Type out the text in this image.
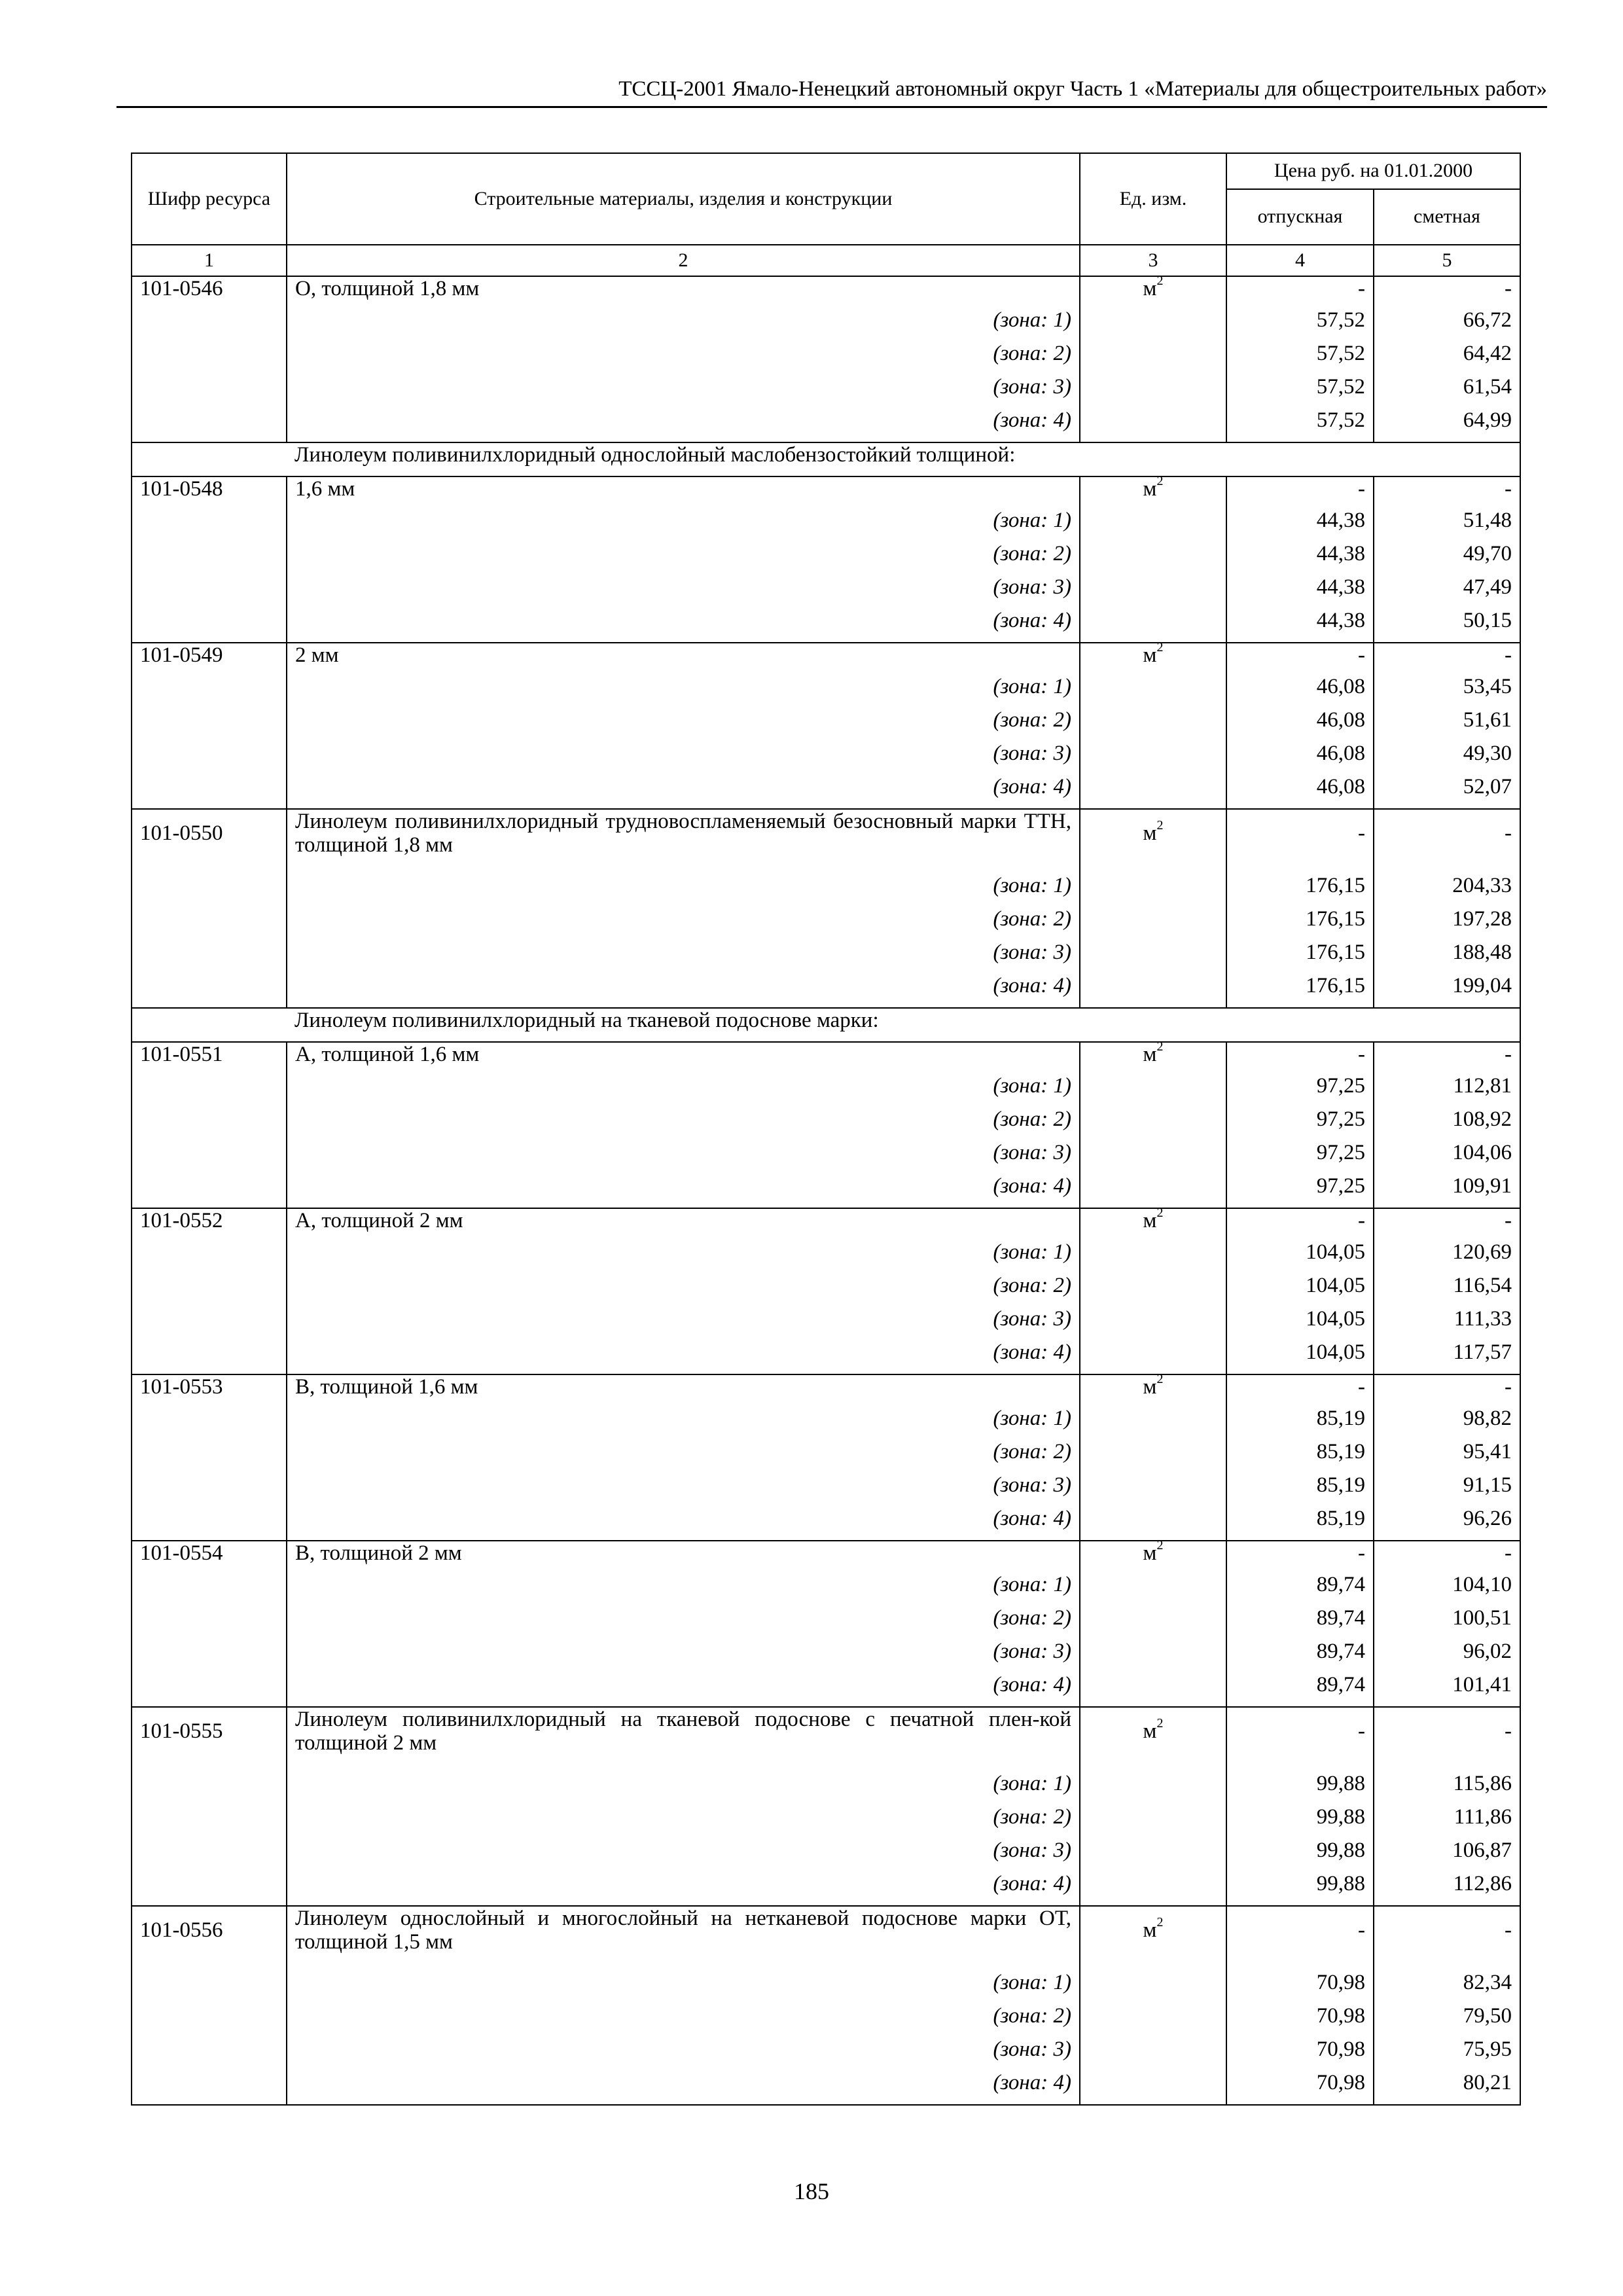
ТССЦ-2001 Ямало-Ненецкий автономный округ Часть 1 «Материалы для общестроительных работ»
Шифр ресурса	Строительные материалы, изделия и конструкции	Ед. изм.	Цена руб. на 01.01.2000	
			отпускная	сметная
1	2	3	4	5
101-0546	О, толщиной 1,8 мм	$м^2$	-	-
	(зона: 1)		57,52	66,72
	(зона: 2)		57,52	64,42
	(зона: 3)		57,52	61,54
	(зона: 4)		57,52	64,99
	Линолеум поливинилхлоридный однослойный маслобензостойкий толщиной:			
101-0548	1,6 мм	$м^2$	-	-
	(зона: 1)		44,38	51,48
	(зона: 2)		44,38	49,70
	(зона: 3)		44,38	47,49
	(зона: 4)		44,38	50,15
101-0549	2 мм	$м^2$	-	-
	(зона: 1)		46,08	53,45
	(зона: 2)		46,08	51,61
	(зона: 3)		46,08	49,30
	(зона: 4)		46,08	52,07
101-0550	Линолеум поливинилхлоридный трудновоспламеняемый безосновный марки ТТН, толщиной 1,8 мм	$м^2$	-	-
	(зона: 1)		176,15	204,33
	(зона: 2)		176,15	197,28
	(зона: 3)		176,15	188,48
	(зона: 4)		176,15	199,04
	Линолеум поливинилхлоридный на тканевой подоснове марки:			
101-0551	А, толщиной 1,6 мм	$м^2$	-	-
	(зона: 1)		97,25	112,81
	(зона: 2)		97,25	108,92
	(зона: 3)		97,25	104,06
	(зона: 4)		97,25	109,91
101-0552	А, толщиной 2 мм	$м^2$	-	-
	(зона: 1)		104,05	120,69
	(зона: 2)		104,05	116,54
	(зона: 3)		104,05	111,33
	(зона: 4)		104,05	117,57
101-0553	В, толщиной 1,6 мм	$м^2$	-	-
	(зона: 1)		85,19	98,82
	(зона: 2)		85,19	95,41
	(зона: 3)		85,19	91,15
	(зона: 4)		85,19	96,26
101-0554	В, толщиной 2 мм	$м^2$	-	-
	(зона: 1)		89,74	104,10
	(зона: 2)		89,74	100,51
	(зона: 3)		89,74	96,02
	(зона: 4)		89,74	101,41
101-0555	Линолеум поливинилхлоридный на тканевой подоснове с печатной плен-кой толщиной 2 мм	$м^2$	-	-
	(зона: 1)		99,88	115,86
	(зона: 2)		99,88	111,86
	(зона: 3)		99,88	106,87
	(зона: 4)		99,88	112,86
101-0556	Линолеум однослойный и многослойный на нетканевой подоснове марки ОТ, толщиной 1,5 мм	$м^2$	-	-
	(зона: 1)		70,98	82,34
	(зона: 2)		70,98	79,50
	(зона: 3)		70,98	75,95
	(зона: 4)		70,98	80,21
185
